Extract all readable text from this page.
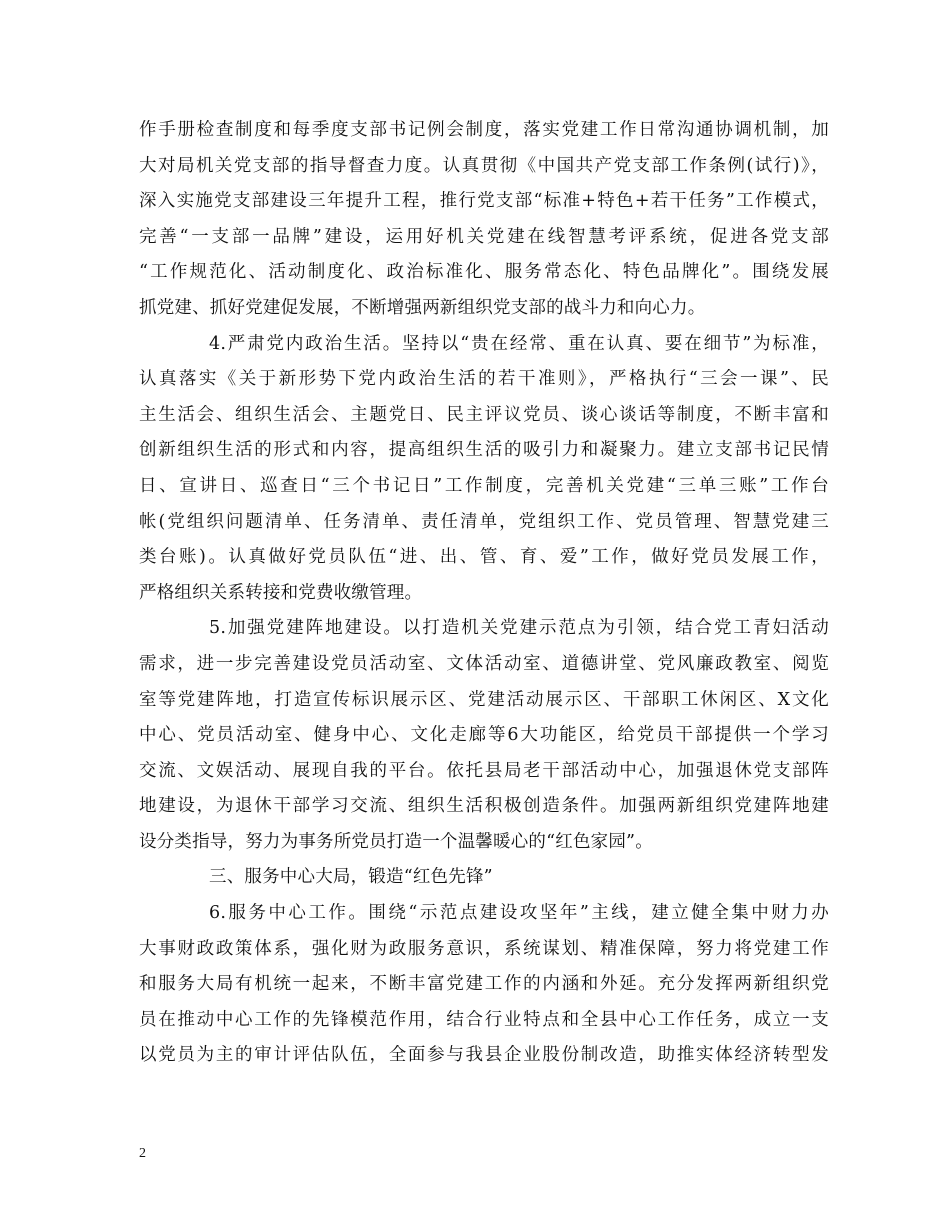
作手册检查制度和每季度支部书记例会制度，落实党建工作日常沟通协调机制，加
大对局机关党支部的指导督查力度。认真贯彻《中国共产党支部工作条例(试行)》，
深入实施党支部建设三年提升工程，推行党支部“标准+特色+若干任务”工作模式，
完善“一支部一品牌”建设，运用好机关党建在线智慧考评系统，促进各党支部
“工作规范化、活动制度化、政治标准化、服务常态化、特色品牌化”。围绕发展
抓党建、抓好党建促发展，不断增强两新组织党支部的战斗力和向心力。
4.严肃党内政治生活。坚持以“贵在经常、重在认真、要在细节”为标准，
认真落实《关于新形势下党内政治生活的若干准则》，严格执行“三会一课”、民
主生活会、组织生活会、主题党日、民主评议党员、谈心谈话等制度，不断丰富和
创新组织生活的形式和内容，提高组织生活的吸引力和凝聚力。建立支部书记民情
日、宣讲日、巡查日“三个书记日”工作制度，完善机关党建“三单三账”工作台
帐(党组织问题清单、任务清单、责任清单，党组织工作、党员管理、智慧党建三
类台账)。认真做好党员队伍“进、出、管、育、爱”工作，做好党员发展工作，
严格组织关系转接和党费收缴管理。
5.加强党建阵地建设。以打造机关党建示范点为引领，结合党工青妇活动
需求，进一步完善建设党员活动室、文体活动室、道德讲堂、党风廉政教室、阅览
室等党建阵地，打造宣传标识展示区、党建活动展示区、干部职工休闲区、X文化
中心、党员活动室、健身中心、文化走廊等6大功能区，给党员干部提供一个学习
交流、文娱活动、展现自我的平台。依托县局老干部活动中心，加强退休党支部阵
地建设，为退休干部学习交流、组织生活积极创造条件。加强两新组织党建阵地建
设分类指导，努力为事务所党员打造一个温馨暖心的“红色家园”。
三、服务中心大局，锻造“红色先锋”
6.服务中心工作。围绕“示范点建设攻坚年”主线，建立健全集中财力办
大事财政政策体系，强化财为政服务意识，系统谋划、精准保障，努力将党建工作
和服务大局有机统一起来，不断丰富党建工作的内涵和外延。充分发挥两新组织党
员在推动中心工作的先锋模范作用，结合行业特点和全县中心工作任务，成立一支
以党员为主的审计评估队伍，全面参与我县企业股份制改造，助推实体经济转型发
2
